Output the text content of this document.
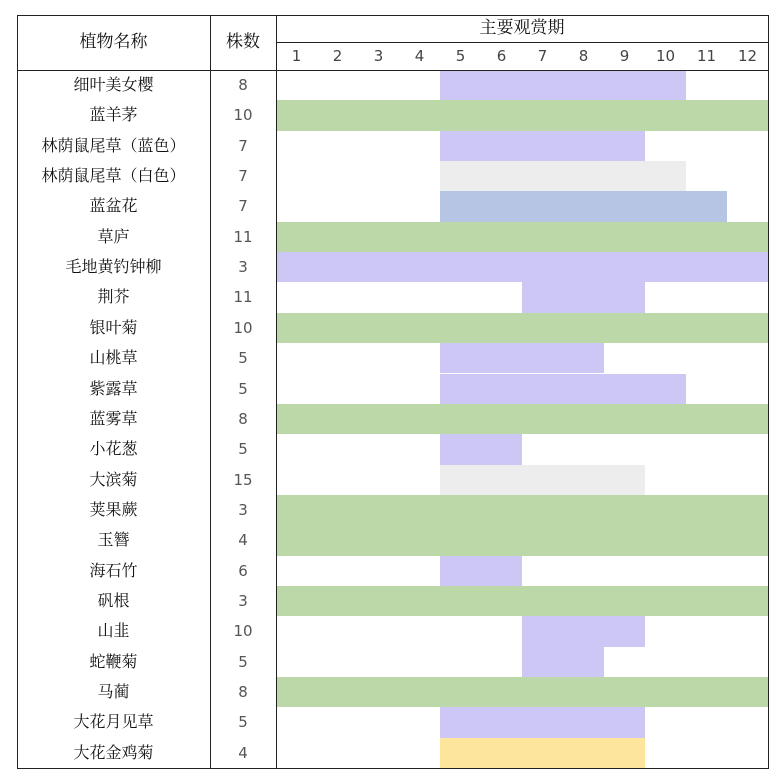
植物名称	株数
主要观赏期
1	2	3	4	5	6	7	8	9	10	11	12
细叶美女樱	8
蓝羊茅	10
林荫鼠尾草（蓝色）	7
林荫鼠尾草（白色）	7
蓝盆花	7
草庐	11
毛地黄钓钟柳	3
荆芥	11
银叶菊	10
山桃草	5
紫露草	5
蓝雾草	8
小花葱	5
大滨菊	15
荚果蕨	3
玉簪	4
海石竹	6
矾根	3
山韭	10
蛇鞭菊	5
马蔺	8
大花月见草	5
大花金鸡菊	4
